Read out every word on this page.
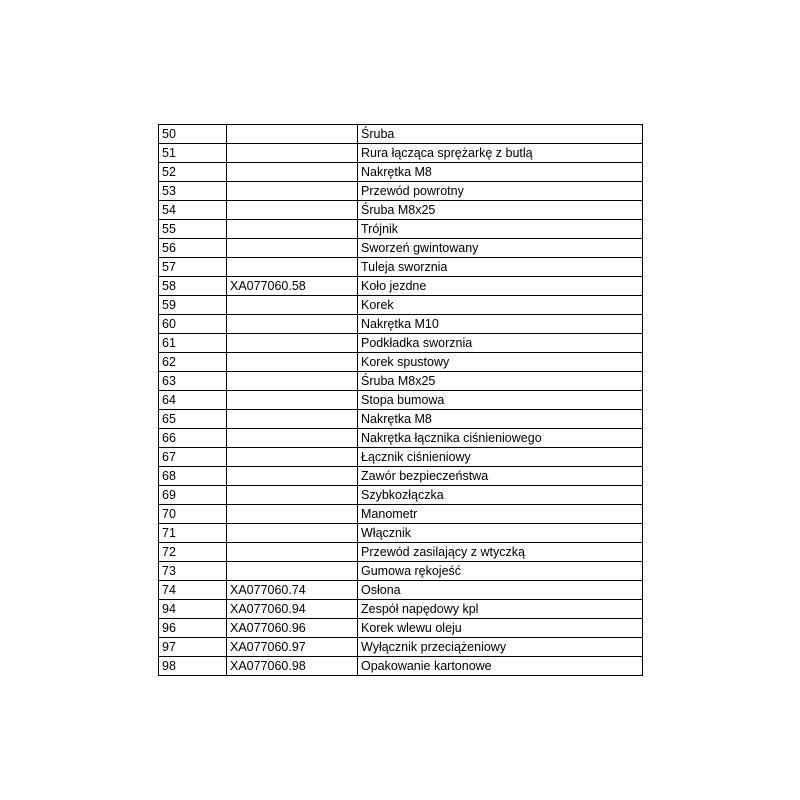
50		Śruba
51		Rura łącząca sprężarkę z butlą
52		Nakrętka M8
53		Przewód powrotny
54		Śruba M8x25
55		Trójnik
56		Sworzeń gwintowany
57		Tuleja sworznia
58	XA077060.58	Koło jezdne
59		Korek
60		Nakrętka M10
61		Podkładka sworznia
62		Korek spustowy
63		Śruba M8x25
64		Stopa bumowa
65		Nakrętka M8
66		Nakrętka łącznika ciśnieniowego
67		Łącznik ciśnieniowy
68		Zawór bezpieczeństwa
69		Szybkozłączka
70		Manometr
71		Włącznik
72		Przewód zasilający z wtyczką
73		Gumowa rękojeść
74	XA077060.74	Osłona
94	XA077060.94	Zespół napędowy kpl
96	XA077060.96	Korek wlewu oleju
97	XA077060.97	Wyłącznik przeciążeniowy
98	XA077060.98	Opakowanie kartonowe
